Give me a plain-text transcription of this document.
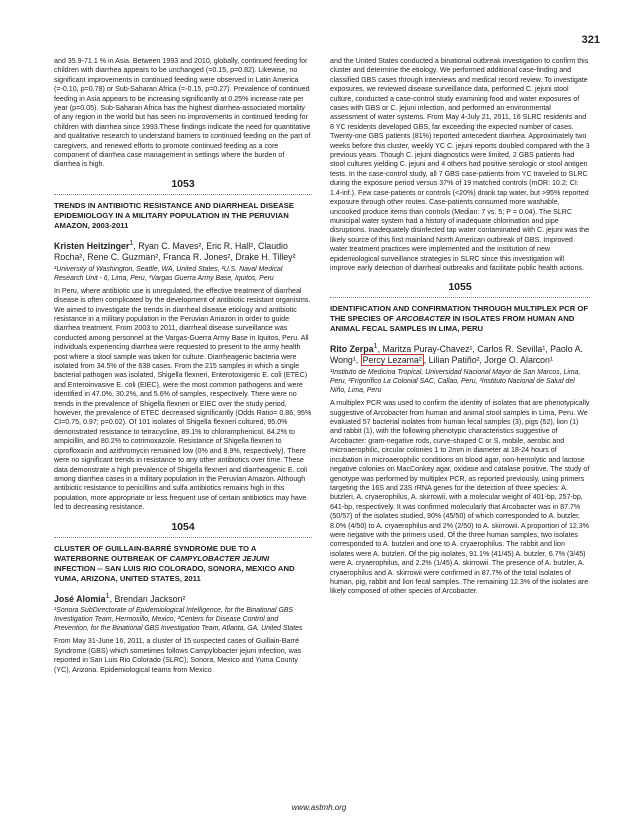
321

and 35.9-71.1 % in Asia. Between 1993 and 2010, globally, continued feeding for children with diarrhea appears to be unchanged (=0.15, p=0.82). Likewise, no significant improvements in continued feeding were observed in Latin America (=-0.10, p=0.78) or Sub-Saharan Africa (=-0.15, p=0.27). Prevalence of continued feeding in Asia appears to be increasing significantly at 0.25% increase rate per year (p=0.05). Sub-Saharan Africa has the highest diarrhea-associated mortality of any region in the world but has seen no improvements in continued feeding for children with diarrhea since 1993.These findings indicate the need for quantitative and qualitative research to understand barriers to continued feeding on the part of caregivers, and renewed efforts to promote continued feeding as a core component of diarrhea case management in settings where the burden of diarrhea is high.

1053
TRENDS IN ANTIBIOTIC RESISTANCE AND DIARRHEAL DISEASE EPIDEMIOLOGY IN A MILITARY POPULATION IN THE PERUVIAN AMAZON, 2003-2011
Kristen Heitzinger$^1$, Ryan C. Maves², Eric R. Hall², Claudio Rocha², Rene C. Guzman², Franca R. Jones², Drake H. Tilley²
¹University of Washington, Seattle, WA, United States, ²U.S. Naval Medical Research Unit - 6, Lima, Peru, ³Vargas Guerra Army Base, Iquitos, Peru

In Peru, where antibiotic use is unregulated, the effective treatment of diarrheal disease is often complicated by the development of antibiotic resistant organisms. We aimed to investigate the trends in diarrheal disease etiology and antibiotic resistance in a military population in the Peruvian Amazon in order to guide diarrhea treatment. From 2003 to 2011, diarrheal disease surveillance was conducted among personnel at the Vargas-Guerra Army Base in Iquitos, Peru. All individuals experiencing diarrhea were requested to present to the army health post where a stool sample was taken for culture. Diarrheagenic bacteria were isolated from 34.5% of the 638 cases. From the 215 samples in which a single bacterial pathogen was isolated, Shigella flexneri, Enterotoxigenic E. coli (ETEC) and Enteroinvasive E. coli (EIEC), were the most common pathogens and were identified in 47.0%, 30.2%, and 5.6% of samples, respectively. There were no trends in the prevalence of Shigella flexneri or EIEC over the study period, however, the prevalence of ETEC decreased significantly (Odds Ratio= 0.86, 95% CI=0.75, 0.97; p=0.02). Of 101 isolates of Shigella flexneri cultured, 95.0% demonstrated resistance to tetracycline, 89.1% to chloramphenicol, 84.2% to ampicillin, and 80.2% to cotrimoxazole. Resistance of Shigella flexneri to ciprofloxacin and azithromycin remained low (0% and 8.9%, respectively). There were no significant trends in resistance to any other antibiotics over time. These data demonstrate a high prevalence of Shigella flexneri and diarrheagenic E. coli among diarrhea cases in a military population in the Peruvian Amazon. Although antibiotic resistance to penicillins and sulfa antibiotics remains high in this population, more appropriate or less frequent use of certain antibiotics may have led to decreasing resistance.

1054
CLUSTER OF GUILLAIN-BARRÉ SYNDROME DUE TO A WATERBORNE OUTBREAK OF CAMPYLOBACTER JEJUNI INFECTION -- SAN LUIS RIO COLORADO, SONORA, MEXICO AND YUMA, ARIZONA, UNITED STATES, 2011
José Alomia$^1$, Brendan Jackson²
¹Sonora SubDirectorate of Epidemiological Intelligence, for the Binational GBS Investigation Team, Hermosillo, Mexico, ²Centers for Disease Control and Prevention, for the Binational GBS Investigation Team, Atlanta, GA, United States

From May 31-June 16, 2011, a cluster of 15 suspected cases of Guillain-Barré Syndrome (GBS) which sometimes follows Campylobacter jejuni infection, was reported in San Luis Rio Colorado (SLRC), Sonora, Mexico and Yuma County (YC), Arizona. Epidemiological teams from Mexico

and the United States conducted a binational outbreak investigation to confirm this cluster and determine the etiology. We performed additional case-finding and classified GBS cases through interviews and medical record review. To investigate exposures, we reviewed disease surveillance data, performed C. jejuni stool culture, conducted a case-control study examining food and water exposures of cases with GBS or C. jejuni infection, and performed an environmental assessment of water systems. From May 4-July 21, 2011, 16 SLRC residents and 8 YC residents developed GBS, far exceeding the expected number of cases. Twenty-one GBS patients (81%) reported antecedent diarrhea. Approximately two weeks before this cluster, weekly YC C. jejuni reports doubled compared with the 3 previous years. Though C. jejuni diagnostics were limited, 2 GBS patients had stool cultures yielding C. jejuni and 4 others had positive serologic or stool antigen tests. In the case-control study, all 7 GBS case-patients from YC traveled to SLRC during the exposure period versus 37% of 19 matched controls (mOR: 10.2; CI: 1.4-inf.). Few case-patients or controls (<20%) drank tap water, but >95% reported exposure through other routes. Case-patients consumed more washable, uncooked produce items than controls (Median: 7 vs. 5; P = 0.04). The SLRC municipal water system had a history of inadequate chlorination and pipe disruptions. Inadequately disinfected tap water contaminated with C. jejuni was the likely source of this first mainland North American outbreak of GBS. Improved water treatment practices were implemented and the institution of new epidemiological surveillance strategies in SLRC since this investigation will improve early detection of diarrheal outbreaks and facilitate public health actions.

1055
IDENTIFICATION AND CONFIRMATION THROUGH MULTIPLEX PCR OF THE SPECIES OF ARCOBACTER IN ISOLATES FROM HUMAN AND ANIMAL FECAL SAMPLES IN LIMA, PERU
Rito Zerpa$^1$, Maritza Puray-Chavez¹, Carlos R. Sevilla¹, Paolo A. Wong¹, Percy Lezama² , Lilian Patiño², Jorge O. Alarcon¹
¹Instituto de Medicina Tropical, Universidad Nacional Mayor de San Marcos, Lima, Peru, ²Frigorífico La Colonial SAC, Callao, Peru, ³Instituto Nacional de Salud del Niño, Lima, Peru

A multiplex PCR was used to confirm the identity of isolates that are phenotypically suggestive of Arcobacter from human and animal stool samples in Lima, Peru. We evaluated 57 bacterial isolates from human fecal samples (3), pigs (52), lion (1) and rabbit (1), with the following phenotypic characteristics suggestive of Arcobacter: gram-negative rods, curve-shaped C or S, mobile, aerobic and microaerophilic, circular colonies 1 to 2mm in diameter at 18-24 hours of incubation in microaerophilic conditions on blood agar, non-hemolytic and lactose negative colonies on MacConkey agar, oxidase and catalase positive. The study of genotype was performed by multiplex PCR, as reported previously, using primers targeting the 16S and 23S rRNA genes for the detection of three species: A. butzleri, A. cryaerophilus, A. skirrowii, with a molecular weight of 401-bp, 257-bp, 641-bp, respectively. It was confirmed molecularly that Arcobacter was in 87.7% (50/57) of the isolates studied, 90% (45/50) of which corresponded to A. butzler, 8.0% (4/50) to A. cryaerophilus and 2% (2/50) to A. skirrowii. A proportion of 12.3% were negative with the primers used. Of the three human samples, two isolates corresponded to A. butzleri and one to A. cryaerophilus. The rabbit and lion isolates were A. butzleri. Of the pig isolates, 91.1% (41/45) A. butzler, 6.7% (3/45) were A. cryaerophilus, and 2.2% (1/45) A. skirrowii. The presence of A. butzler, A. cryaerophilus and A. skirrowii were confirmed in 87.7% of the total isolates of human, pig, rabbit and lion fecal samples. The remaining 12.3% of the isolates are likely composed of other species of Arcobacter.

www.astmh.org
